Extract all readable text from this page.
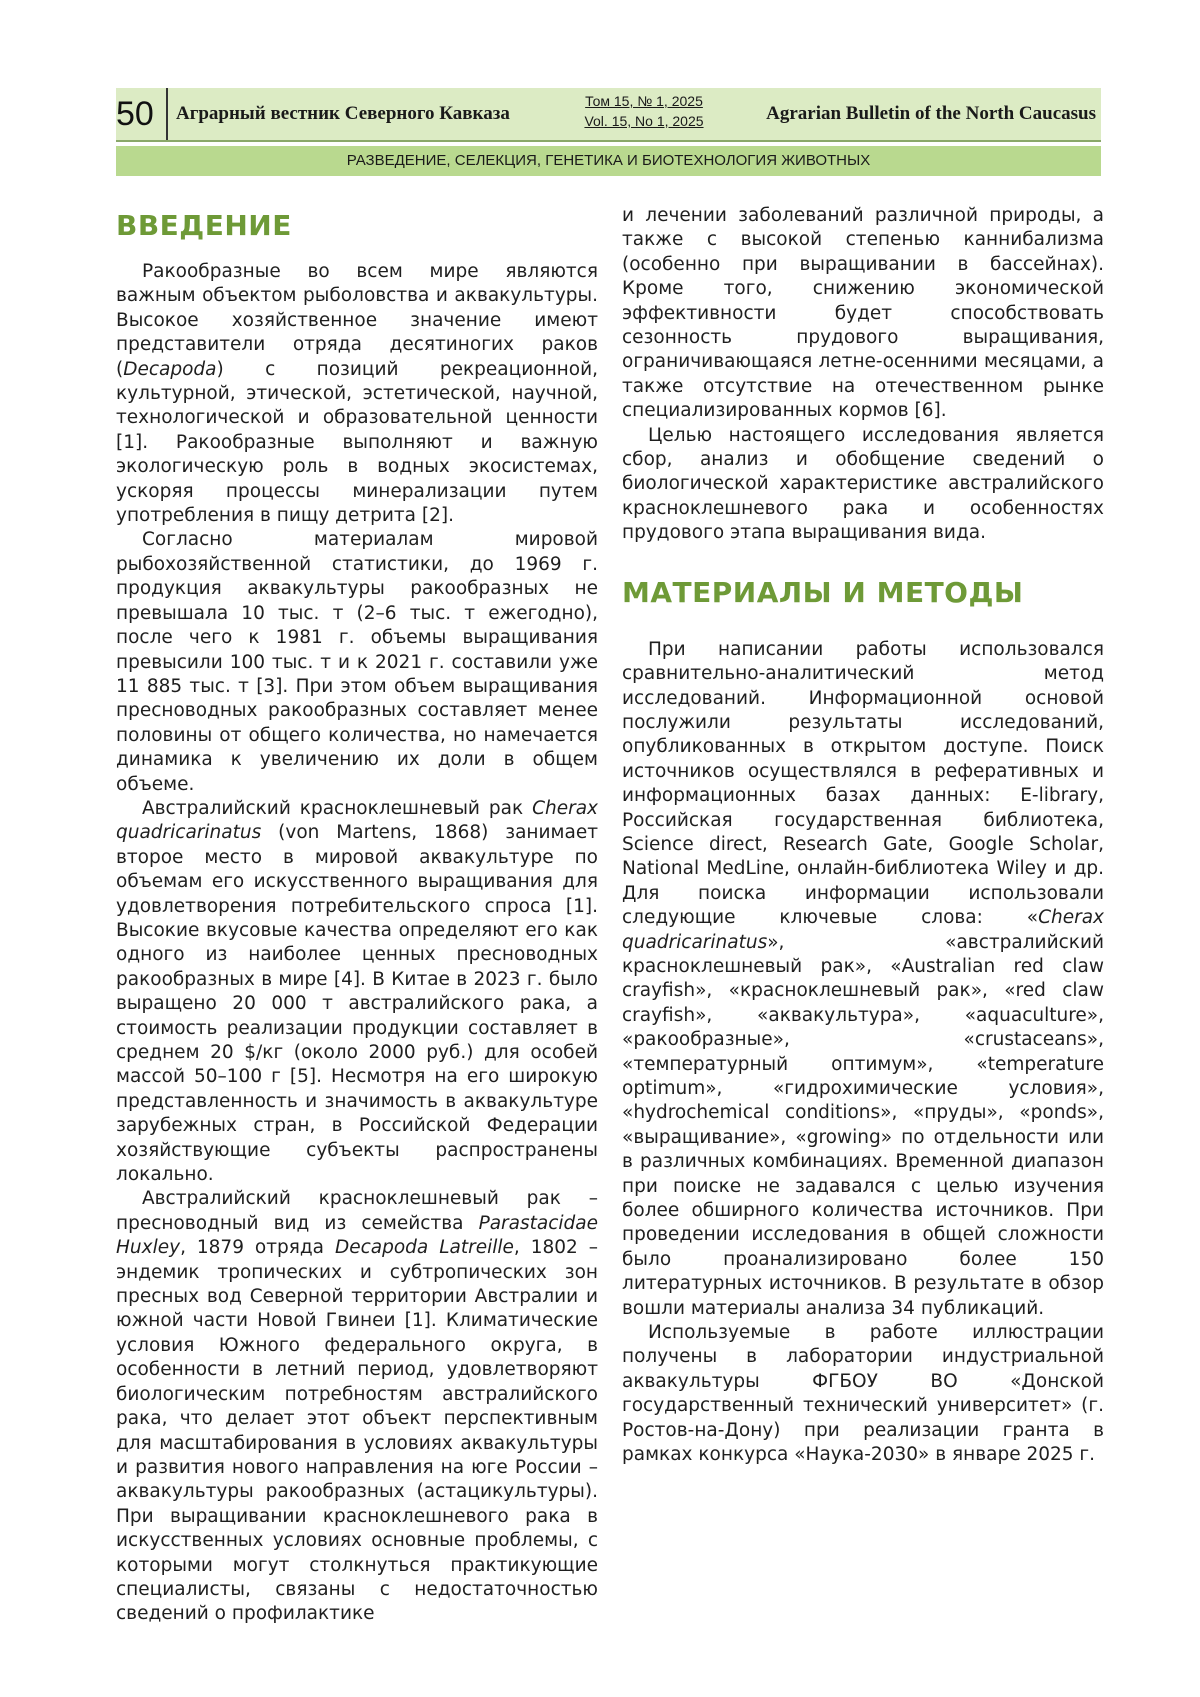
50	Аграрный вестник Северного Кавказа
Том 15, № 1, 2025
Vol. 15, No 1, 2025	Agrarian Bulletin of the North Caucasus
РАЗВЕДЕНИЕ, СЕЛЕКЦИЯ, ГЕНЕТИКА И БИОТЕХНОЛОГИЯ ЖИВОТНЫХ
ВВЕДЕНИЕ

Ракообразные во всем мире являются важным объектом рыболовства и аквакультуры. Высокое хозяйственное значение имеют представители отряда десятиногих раков (Decapoda) с позиций рекреационной, культурной, этической, эстетической, научной, технологической и образовательной ценности [1]. Ракообразные выполняют и важную экологическую роль в водных экосистемах, ускоряя процессы минерализации путем употребления в пищу детрита [2].

Согласно материалам мировой рыбохозяйственной статистики, до 1969 г. продукция аквакультуры ракообразных не превышала 10 тыс. т (2–6 тыс. т ежегодно), после чего к 1981 г. объемы выращивания превысили 100 тыс. т и к 2021 г. составили уже 11 885 тыс. т [3]. При этом объем выращивания пресноводных ракообразных составляет менее половины от общего количества, но намечается динамика к увеличению их доли в общем объеме.

Австралийский красноклешневый рак Cherax quadricarinatus (von Martens, 1868) занимает второе место в мировой аквакультуре по объемам его искусственного выращивания для удовлетворения потребительского спроса [1]. Высокие вкусовые качества определяют его как одного из наиболее ценных пресноводных ракообразных в мире [4]. В Китае в 2023 г. было выращено 20 000 т австралийского рака, а стоимость реализации продукции составляет в среднем 20 $/кг (около 2000 руб.) для особей массой 50–100 г [5]. Несмотря на его широкую представленность и значимость в аквакультуре зарубежных стран, в Российской Федерации хозяйствующие субъекты распространены локально.

Австралийский красноклешневый рак – пресноводный вид из семейства Parastacidae Huxley, 1879 отряда Decapoda Latreille, 1802 – эндемик тропических и субтропических зон пресных вод Северной территории Австралии и южной части Новой Гвинеи [1]. Климатические условия Южного федерального округа, в особенности в летний период, удовлетворяют биологическим потребностям австралийского рака, что делает этот объект перспективным для масштабирования в условиях аквакультуры и развития нового направления на юге России – аквакультуры ракообразных (астацикультуры). При выращивании красноклешневого рака в искусственных условиях основные проблемы, с которыми могут столкнуться практикующие специалисты, связаны с недостаточностью сведений о профилактике

и лечении заболеваний различной природы, а также с высокой степенью каннибализма (особенно при выращивании в бассейнах). Кроме того, снижению экономической эффективности будет способствовать сезонность прудового выращивания, ограничивающаяся летне-осенними месяцами, а также отсутствие на отечественном рынке специализированных кормов [6].

Целью настоящего исследования является сбор, анализ и обобщение сведений о биологической характеристике австралийского красноклешневого рака и особенностях прудового этапа выращивания вида.

МАТЕРИАЛЫ И МЕТОДЫ

При написании работы использовался сравнительно-аналитический метод исследований. Информационной основой послужили результаты исследований, опубликованных в открытом доступе. Поиск источников осуществлялся в реферативных и информационных базах данных: E-library, Российская государственная библиотека, Science direct, Research Gate, Google Scholar, National MedLine, онлайн-библиотека Wiley и др. Для поиска информации использовали следующие ключевые слова: «Cherax quadricarinatus», «австралийский красноклешневый рак», «Australian red claw crayfish», «красноклешневый рак», «red claw crayfish», «аквакультура», «aquaculture», «ракообразные», «crustaceans», «температурный оптимум», «temperature optimum», «гидрохимические условия», «hydrochemical conditions», «пруды», «ponds», «выращивание», «growing» по отдельности или в различных комбинациях. Временной диапазон при поиске не задавался с целью изучения более обширного количества источников. При проведении исследования в общей сложности было проанализировано более 150 литературных источников. В результате в обзор вошли материалы анализа 34 публикаций.

Используемые в работе иллюстрации получены в лаборатории индустриальной аквакультуры ФГБОУ ВО «Донской государственный технический университет» (г. Ростов-на-Дону) при реализации гранта в рамках конкурса «Наука-2030» в январе 2025 г.
